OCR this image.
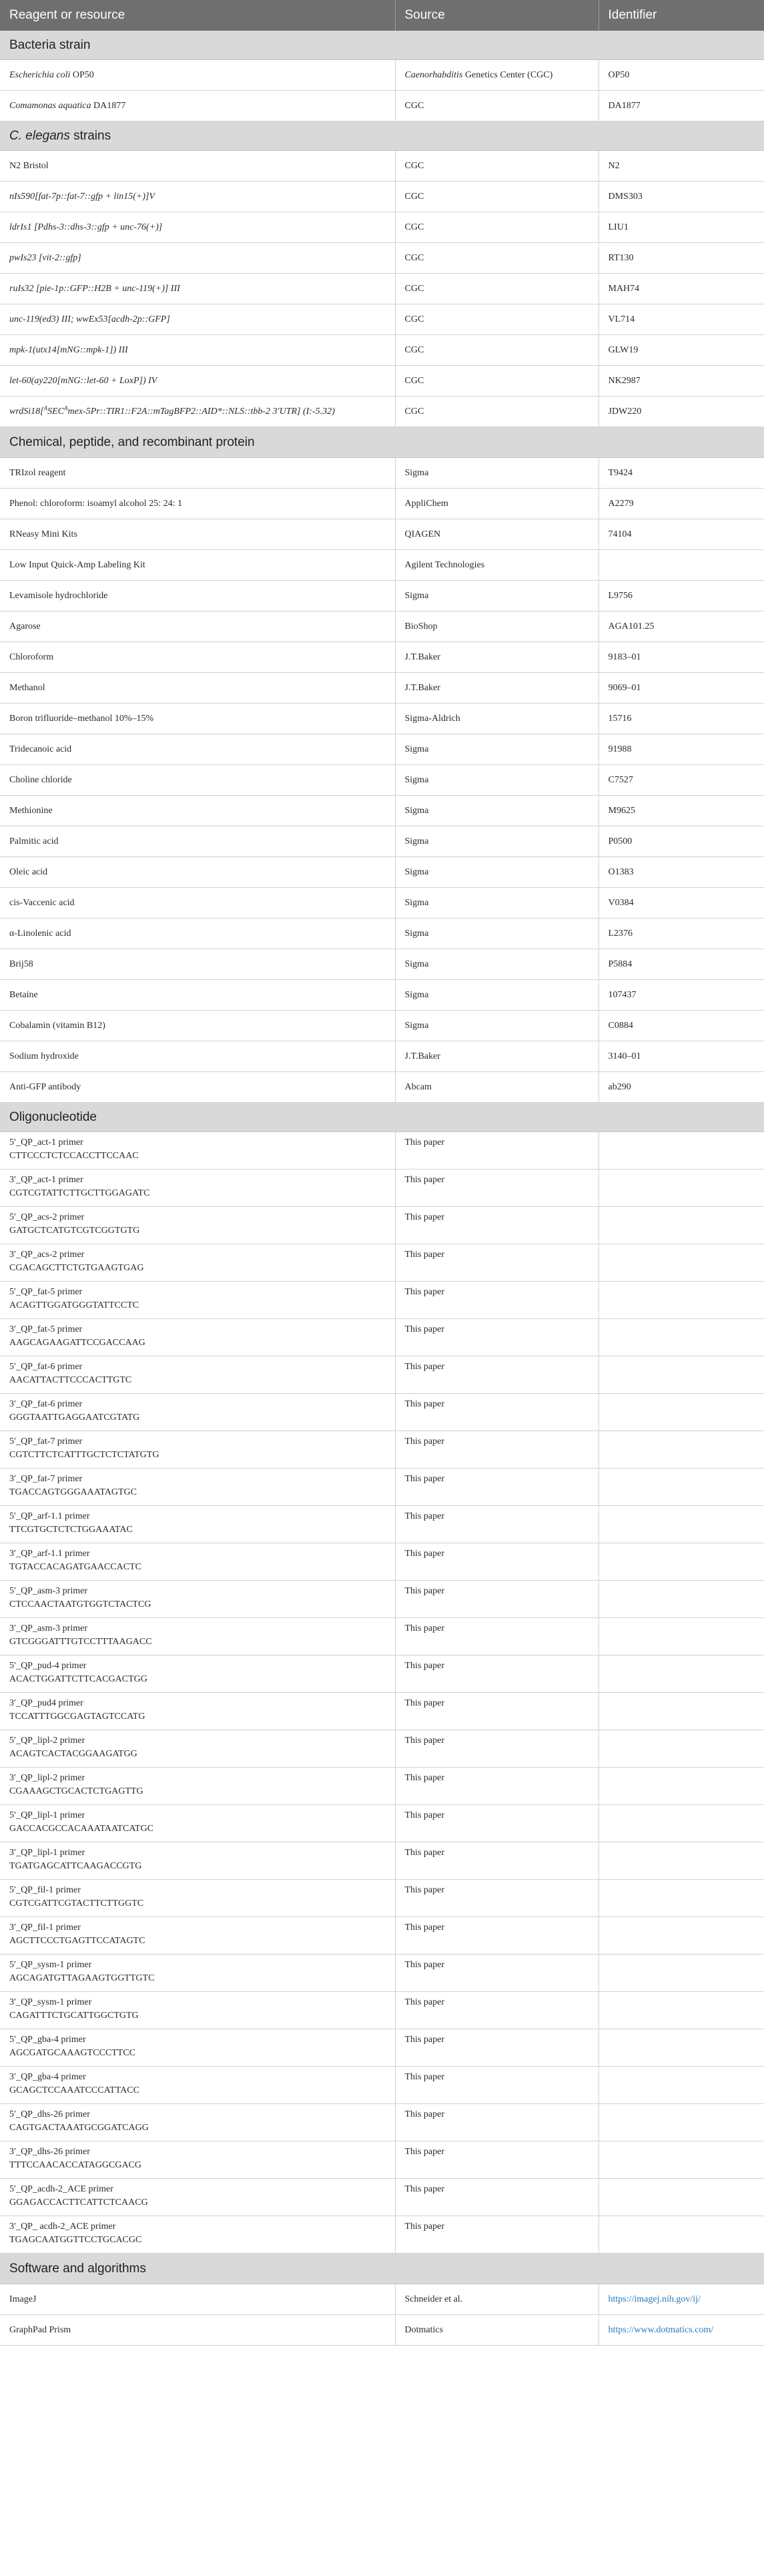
Reagent or resource	Source	Identifier
Bacteria strain		
Escherichia coli OP50	Caenorhabditis Genetics Center (CGC)	OP50
Comamonas aquatica DA1877	CGC	DA1877
C. elegans strains		
N2 Bristol	CGC	N2
nIs590[fat-7p::fat-7::gfp + lin15(+)]V	CGC	DMS303
ldrIs1 [Pdhs-3::dhs-3::gfp + unc-76(+)]	CGC	LIU1
pwIs23 [vit-2::gfp]	CGC	RT130
ruIs32 [pie-1p::GFP::H2B + unc-119(+)] III	CGC	MAH74
unc-119(ed3) III; wwEx53[acdh-2p::GFP]	CGC	VL714
mpk-1(utx14[mNG::mpk-1]) III	CGC	GLW19
let-60(ay220[mNG::let-60 + LoxP]) IV	CGC	NK2987
$wrdSi18[^ASEC^Amex-5Pr::TIR1::F2A::mTagBFP2::AID*::NLS::tbb-2$ 3′UTR] (I:-5.32)	CGC	JDW220
Chemical, peptide, and recombinant protein		
TRIzol reagent	Sigma	T9424
Phenol: chloroform: isoamyl alcohol 25: 24: 1	AppliChem	A2279
RNeasy Mini Kits	QIAGEN	74104
Low Input Quick-Amp Labeling Kit	Agilent Technologies	
Levamisole hydrochloride	Sigma	L9756
Agarose	BioShop	AGA101.25
Chloroform	J.T.Baker	9183–01
Methanol	J.T.Baker	9069–01
Boron trifluoride–methanol 10%–15%	Sigma-Aldrich	15716
Tridecanoic acid	Sigma	91988
Choline chloride	Sigma	C7527
Methionine	Sigma	M9625
Palmitic acid	Sigma	P0500
Oleic acid	Sigma	O1383
cis-Vaccenic acid	Sigma	V0384
α-Linolenic acid	Sigma	L2376
Brij58	Sigma	P5884
Betaine	Sigma	107437
Cobalamin (vitamin B12)	Sigma	C0884
Sodium hydroxide	J.T.Baker	3140–01
Anti-GFP antibody	Abcam	ab290
Oligonucleotide		

5′_QP_act-1 primer
CTTCCCTCTCCACCTTCCAAC	This paper	

3′_QP_act-1 primer
CGTCGTATTCTTGCTTGGAGATC	This paper	

5′_QP_acs-2 primer
GATGCTCATGTCGTCGGTGTG	This paper	

3′_QP_acs-2 primer
CGACAGCTTCTGTGAAGTGAG	This paper	

5′_QP_fat-5 primer
ACAGTTGGATGGGTATTCCTC	This paper	

3′_QP_fat-5 primer
AAGCAGAAGATTCCGACCAAG	This paper	

5′_QP_fat-6 primer
AACATTACTTCCCACTTGTC	This paper	

3′_QP_fat-6 primer
GGGTAATTGAGGAATCGTATG	This paper	

5′_QP_fat-7 primer
CGTCTTCTCATTTGCTCTCTATGTG	This paper	

3′_QP_fat-7 primer
TGACCAGTGGGAAATAGTGC	This paper	

5′_QP_arf-1.1 primer
TTCGTGCTCTCTGGAAATAC	This paper	

3′_QP_arf-1.1 primer
TGTACCACAGATGAACCACTC	This paper	

5′_QP_asm-3 primer
CTCCAACTAATGTGGTCTACTCG	This paper	

3′_QP_asm-3 primer
GTCGGGATTTGTCCTTTAAGACC	This paper	

5′_QP_pud-4 primer
ACACTGGATTCTTCACGACTGG	This paper	

3′_QP_pud4 primer
TCCATTTGGCGAGTAGTCCATG	This paper	

5′_QP_lipl-2 primer
ACAGTCACTACGGAAGATGG	This paper	

3′_QP_lipl-2 primer
CGAAAGCTGCACTCTGAGTTG	This paper	

5′_QP_lipl-1 primer
GACCACGCCACAAATAATCATGC	This paper	

3′_QP_lipl-1 primer
TGATGAGCATTCAAGACCGTG	This paper	

5′_QP_fil-1 primer
CGTCGATTCGTACTTCTTGGTC	This paper	

3′_QP_fil-1 primer
AGCTTCCCTGAGTTCCATAGTC	This paper	

5′_QP_sysm-1 primer
AGCAGATGTTAGAAGTGGTTGTC	This paper	

3′_QP_sysm-1 primer
CAGATTTCTGCATTGGCTGTG	This paper	

5′_QP_gba-4 primer
AGCGATGCAAAGTCCCTTCC	This paper	

3′_QP_gba-4 primer
GCAGCTCCAAATCCCATTACC	This paper	

5′_QP_dhs-26 primer
CAGTGACTAAATGCGGATCAGG	This paper	

3′_QP_dhs-26 primer
TTTCCAACACCATAGGCGACG	This paper	

5′_QP_acdh-2_ACE primer
GGAGACCACTTCATTCTCAACG	This paper	

3′_QP_ acdh-2_ACE primer
TGAGCAATGGTTCCTGCACGC	This paper	
Software and algorithms		
ImageJ	Schneider et al.	https://imagej.nih.gov/ij/
GraphPad Prism	Dotmatics	https://www.dotmatics.com/
